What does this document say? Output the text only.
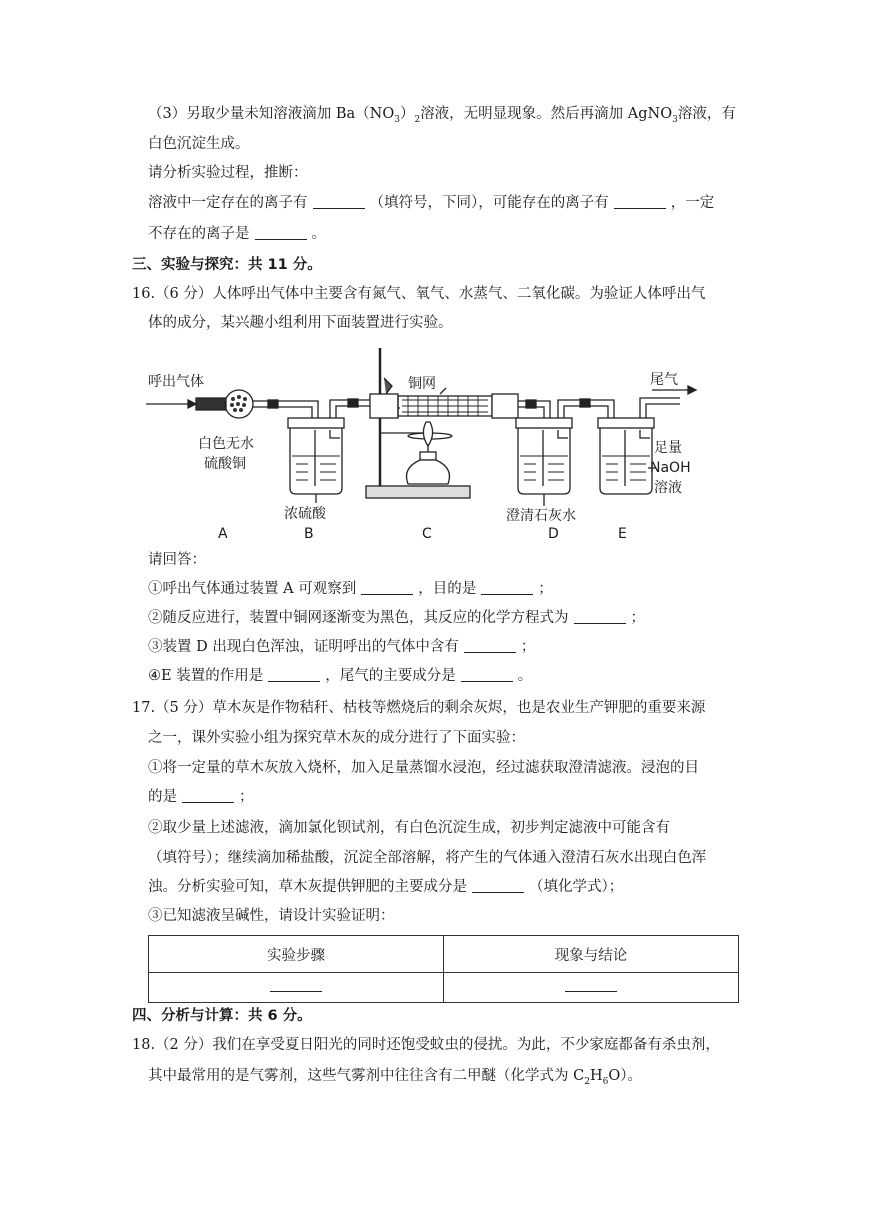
（3）另取少量未知溶液滴加 $Ba(NO_3)_2$溶液，无明显现象。然后再滴加 AgNO$_3$溶液，有
白色沉淀生成。
请分析实验过程，推断：
溶液中一定存在的离子有	（填符号，下同），可能存在的离子有	，一定
不存在的离子是	。
三、实验与探究：共 11 分。
16.（6 分）人体呼出气体中主要含有氮气、氧气、水蒸气、二氧化碳。为验证人体呼出气
体的成分，某兴趣小组利用下面装置进行实验。
呼出气体	铜网	尾气
白色无水
硫酸铜
浓硫酸	澄清石灰水
足量
NaOH
溶液
A	B	C	D	E
请回答：
①呼出气体通过装置 A 可观察到	，目的是	；
②随反应进行，装置中铜网逐渐变为黑色，其反应的化学方程式为	；
③装置 D 出现白色浑浊，证明呼出的气体中含有	；
④E 装置的作用是	，尾气的主要成分是	。
17.（5 分）草木灰是作物秸秆、枯枝等燃烧后的剩余灰烬，也是农业生产钾肥的重要来源
之一，课外实验小组为探究草木灰的成分进行了下面实验：
①将一定量的草木灰放入烧杯，加入足量蒸馏水浸泡，经过滤获取澄清滤液。浸泡的目
的是	；
②取少量上述滤液，滴加氯化钡试剂，有白色沉淀生成，初步判定滤液中可能含有
（填符号）；继续滴加稀盐酸，沉淀全部溶解，将产生的气体通入澄清石灰水出现白色浑
浊。分析实验可知，草木灰提供钾肥的主要成分是	（填化学式）；
③已知滤液呈碱性，请设计实验证明：
实验步骤	现象与结论

四、分析与计算：共 6 分。
18.（2 分）我们在享受夏日阳光的同时还饱受蚊虫的侵扰。为此，不少家庭都备有杀虫剂，
其中最常用的是气雾剂，这些气雾剂中往往含有二甲醚（化学式为 $C_2H_6O$）。
